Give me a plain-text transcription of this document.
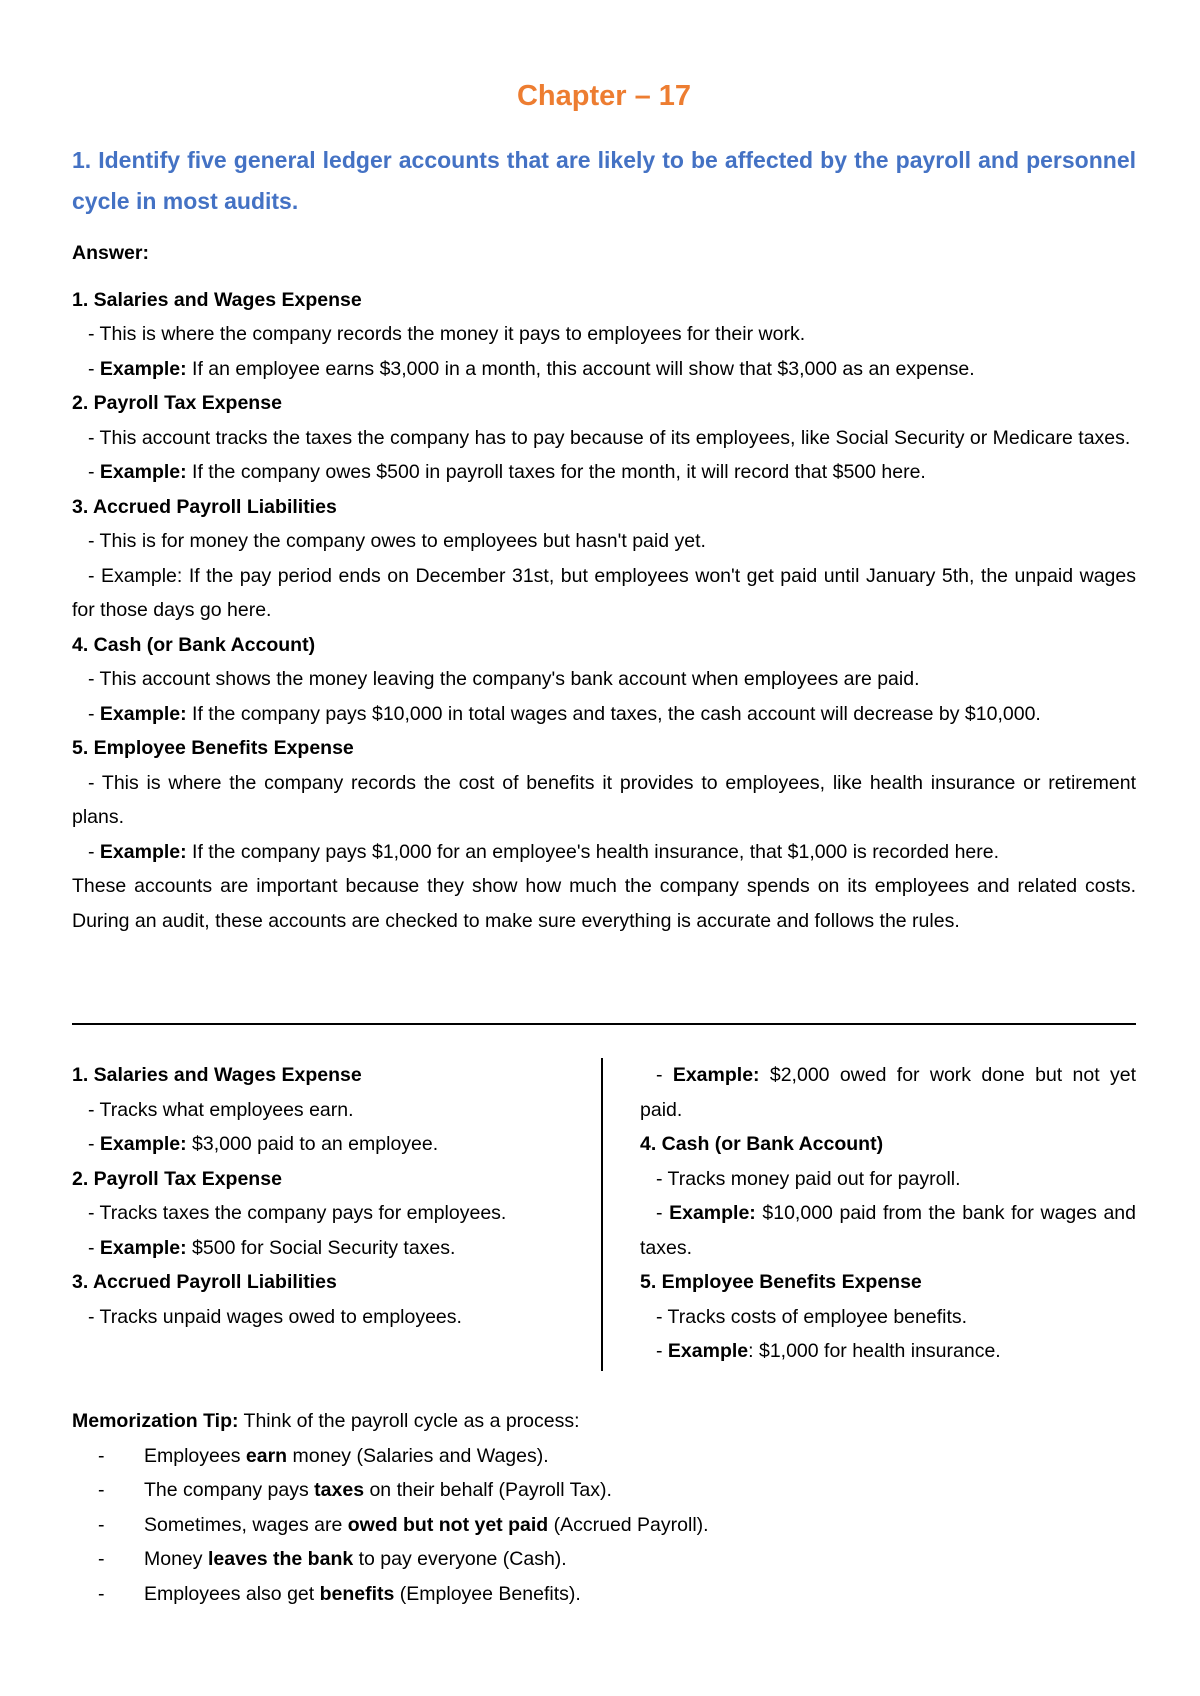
Chapter – 17
1. Identify five general ledger accounts that are likely to be affected by the payroll and personnel cycle in most audits.
Answer:
1. Salaries and Wages Expense
- This is where the company records the money it pays to employees for their work.
- Example: If an employee earns $3,000 in a month, this account will show that $3,000 as an expense.
2. Payroll Tax Expense
- This account tracks the taxes the company has to pay because of its employees, like Social Security or Medicare taxes.
- Example: If the company owes $500 in payroll taxes for the month, it will record that $500 here.
3. Accrued Payroll Liabilities
- This is for money the company owes to employees but hasn't paid yet.
- Example: If the pay period ends on December 31st, but employees won't get paid until January 5th, the unpaid wages for those days go here.
4. Cash (or Bank Account)
- This account shows the money leaving the company's bank account when employees are paid.
- Example: If the company pays $10,000 in total wages and taxes, the cash account will decrease by $10,000.
5. Employee Benefits Expense
- This is where the company records the cost of benefits it provides to employees, like health insurance or retirement plans.
- Example: If the company pays $1,000 for an employee's health insurance, that $1,000 is recorded here.
These accounts are important because they show how much the company spends on its employees and related costs. During an audit, these accounts are checked to make sure everything is accurate and follows the rules.
1. Salaries and Wages Expense
- Tracks what employees earn.
- Example: $3,000 paid to an employee.
2. Payroll Tax Expense
- Tracks taxes the company pays for employees.
- Example: $500 for Social Security taxes.
3. Accrued Payroll Liabilities
- Tracks unpaid wages owed to employees.
- Example: $2,000 owed for work done but not yet paid.
4. Cash (or Bank Account)
- Tracks money paid out for payroll.
- Example: $10,000 paid from the bank for wages and taxes.
5. Employee Benefits Expense
- Tracks costs of employee benefits.
- Example: $1,000 for health insurance.
Memorization Tip: Think of the payroll cycle as a process:
-	Employees earn money (Salaries and Wages).
-	The company pays taxes on their behalf (Payroll Tax).
-	Sometimes, wages are owed but not yet paid (Accrued Payroll).
-	Money leaves the bank to pay everyone (Cash).
-	Employees also get benefits (Employee Benefits).
